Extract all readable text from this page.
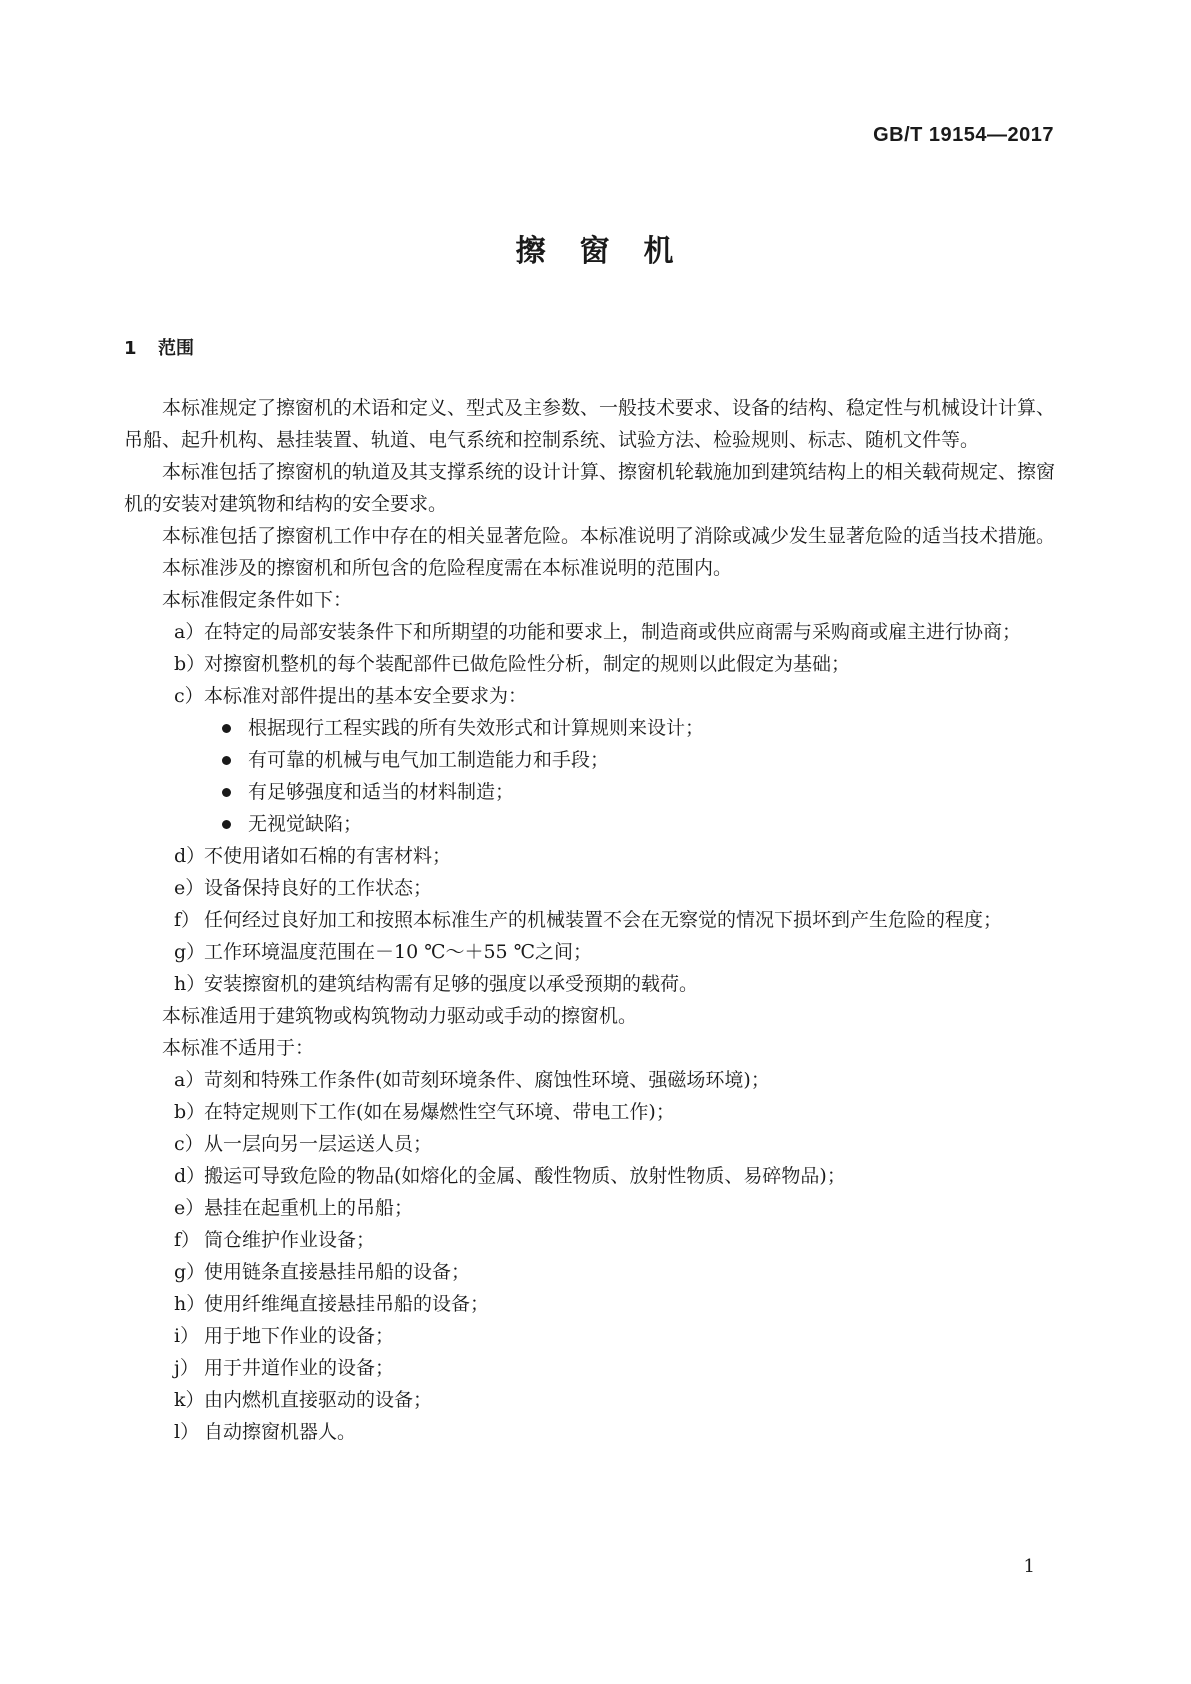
GB/T 19154—2017
擦　窗　机
1 范围

本标准规定了擦窗机的术语和定义、型式及主参数、一般技术要求、设备的结构、稳定性与机械设计计算、吊船、起升机构、悬挂装置、轨道、电气系统和控制系统、试验方法、检验规则、标志、随机文件等。

本标准包括了擦窗机的轨道及其支撑系统的设计计算、擦窗机轮载施加到建筑结构上的相关载荷规定、擦窗机的安装对建筑物和结构的安全要求。

本标准包括了擦窗机工作中存在的相关显著危险。本标准说明了消除或减少发生显著危险的适当技术措施。

本标准涉及的擦窗机和所包含的危险程度需在本标准说明的范围内。

本标准假定条件如下：

a） 在特定的局部安装条件下和所期望的功能和要求上，制造商或供应商需与采购商或雇主进行协商；

b）
对擦窗机整机的每个装配部件已做危险性分析，制定的规则以此假定为基础；

c） 本标准对部件提出的基本安全要求为：

根据现行工程实践的所有失效形式和计算规则来设计；

有可靠的机械与电气加工制造能力和手段；

有足够强度和适当的材料制造；

无视觉缺陷；

d）
不使用诸如石棉的有害材料；

e） 设备保持良好的工作状态；

f） 任何经过良好加工和按照本标准生产的机械装置不会在无察觉的情况下损坏到产生危险的程度；

g）
工作环境温度范围在－10 ℃～＋55 ℃之间；

h）
安装擦窗机的建筑结构需有足够的强度以承受预期的载荷。

本标准适用于建筑物或构筑物动力驱动或手动的擦窗机。

本标准不适用于：

a） 苛刻和特殊工作条件(如苛刻环境条件、腐蚀性环境、强磁场环境)；

b）
在特定规则下工作(如在易爆燃性空气环境、带电工作)；

c） 从一层向另一层运送人员；

d）
搬运可导致危险的物品(如熔化的金属、酸性物质、放射性物质、易碎物品)；

e） 悬挂在起重机上的吊船；

f） 筒仓维护作业设备；

g）
使用链条直接悬挂吊船的设备；

h）
使用纤维绳直接悬挂吊船的设备；

i） 用于地下作业的设备；

j） 用于井道作业的设备；

k） 由内燃机直接驱动的设备；

l） 自动擦窗机器人。

1
